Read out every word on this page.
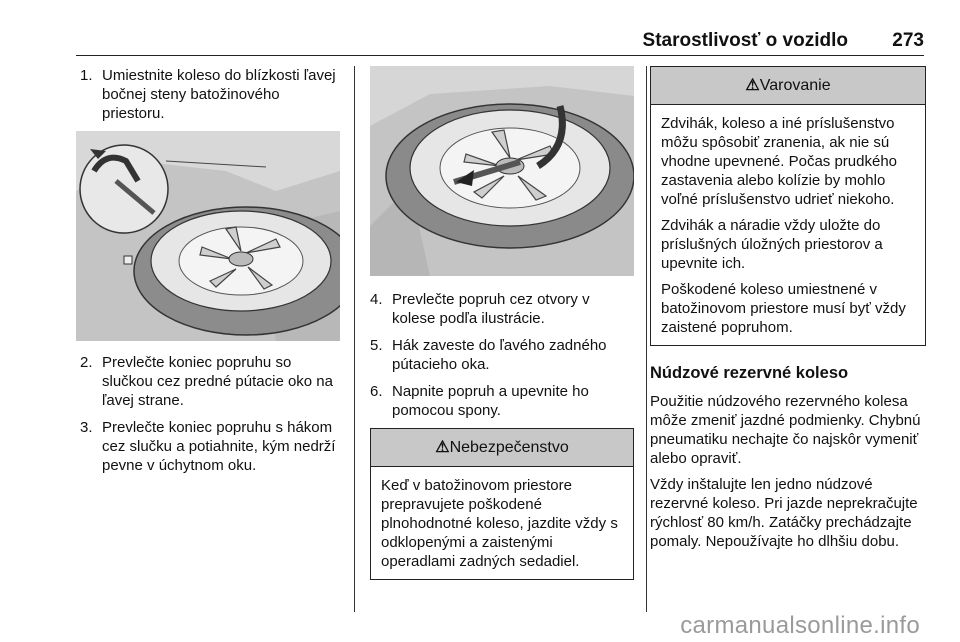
Starostlivosť o vozidlo 273
1. Umiestnite koleso do blízkosti ľavej bočnej steny batožinového priestoru.
2. Prevlečte koniec popruhu so slučkou cez predné pútacie oko na ľavej strane.
3. Prevlečte koniec popruhu s hákom cez slučku a potiahnite, kým nedrží pevne v úchytnom oku.
4. Prevlečte popruh cez otvory v kolese podľa ilustrácie.
5. Hák zaveste do ľavého zadného pútacieho oka.
6. Napnite popruh a upevnite ho pomocou spony.
⚠Nebezpečenstvo

Keď v batožinovom priestore prepravujete poškodené plnohodnotné koleso, jazdite vždy s odklopenými a zaistenými operadlami zadných sedadiel.

⚠Varovanie

Zdvihák, koleso a iné príslušenstvo môžu spôsobiť zranenia, ak nie sú vhodne upevnené. Počas prudkého zastavenia alebo kolízie by mohlo voľné príslušenstvo udrieť niekoho.

Zdvihák a náradie vždy uložte do príslušných úložných priestorov a upevnite ich.

Poškodené koleso umiestnené v batožinovom priestore musí byť vždy zaistené popruhom.

Núdzové rezervné koleso

Použitie núdzového rezervného kolesa môže zmeniť jazdné podmienky. Chybnú pneumatiku nechajte čo najskôr vymeniť alebo opraviť.

Vždy inštalujte len jedno núdzové rezervné koleso. Pri jazde neprekračujte rýchlosť 80 km/h. Zatáčky prechádzajte pomaly. Nepoužívajte ho dlhšiu dobu.

carmanualsonline.info
